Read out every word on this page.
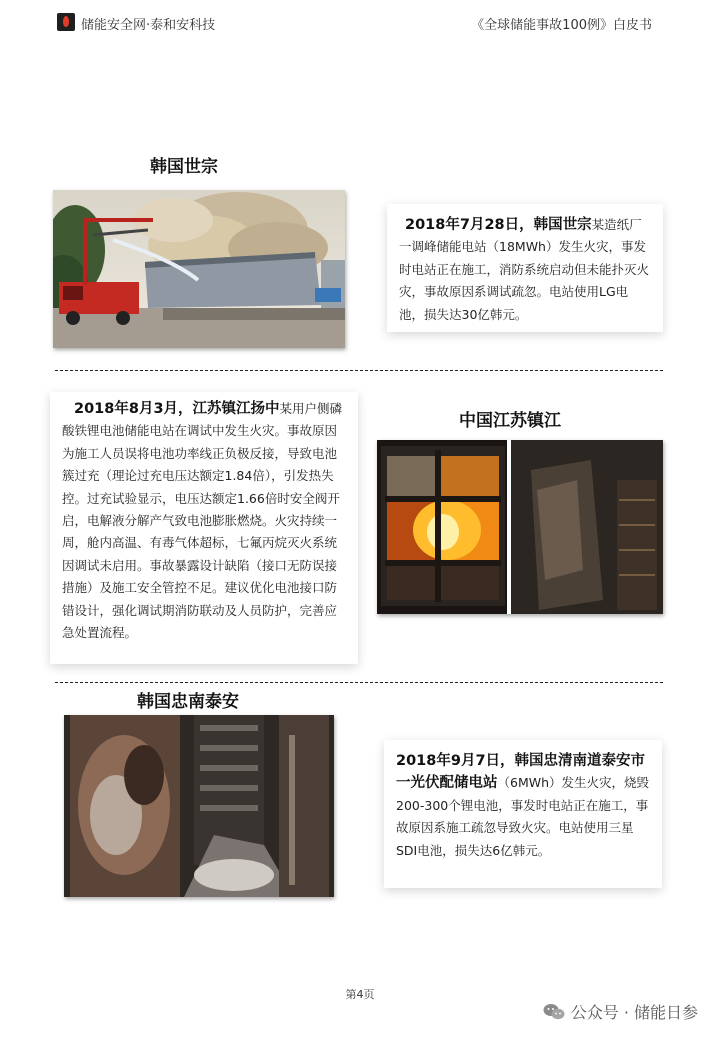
储能安全网·泰和安科技	《全球储能事故100例》白皮书
韩国世宗
2018年7月28日，韩国世宗某造纸厂一调峰储能电站（18MWh）发生火灾，事发时电站正在施工，消防系统启动但未能扑灭火灾，事故原因系调试疏忽。电站使用LG电池，损失达30亿韩元。
2018年8月3月，江苏镇江扬中某用户侧磷酸铁锂电池储能电站在调试中发生火灾。事故原因为施工人员误将电池功率线正负极反接，导致电池簇过充（理论过充电压达额定1.84倍），引发热失控。过充试验显示，电压达额定1.66倍时安全阀开启，电解液分解产气致电池膨胀燃烧。火灾持续一周，舱内高温、有毒气体超标，七氟丙烷灭火系统因调试未启用。事故暴露设计缺陷（接口无防误接措施）及施工安全管控不足。建议优化电池接口防错设计，强化调试期消防联动及人员防护，完善应急处置流程。
中国江苏镇江
韩国忠南泰安
2018年9月7日，韩国忠清南道泰安市一光伏配储电站（6MWh）发生火灾，烧毁200-300个锂电池，事发时电站正在施工，事故原因系施工疏忽导致火灾。电站使用三星SDI电池，损失达6亿韩元。
第4页
公众号 · 储能日参
